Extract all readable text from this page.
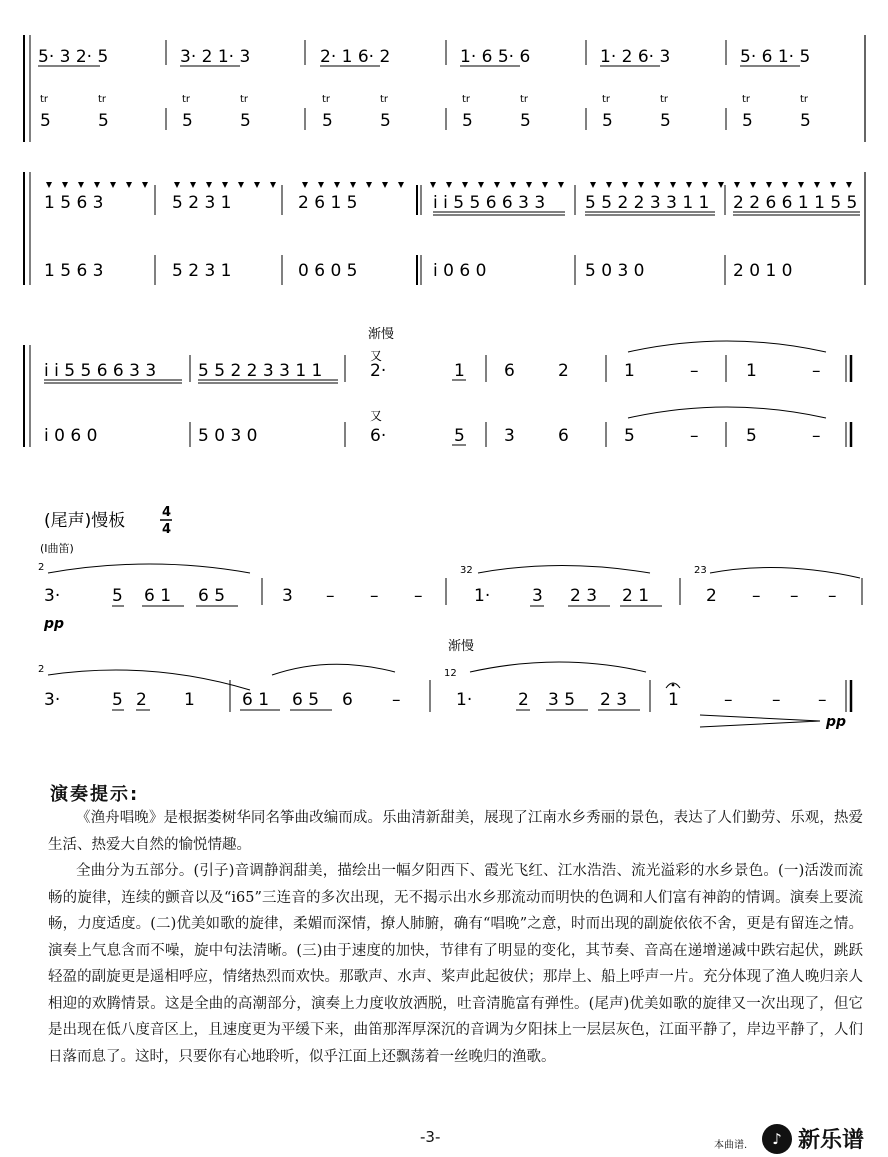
5· 3 2· 5	3· 2 1· 3	2· 1 6· 2	1· 6 5· 6	1· 2 6· 3	5· 6 1· 5
tr	tr	tr	tr	tr	tr	tr	tr	tr	tr	tr	tr
5	5	5	5	5	5	5	5	5	5	5	5
1 5 6 3	5 2 3 1	2 6 1 5	i i 5 5 6 6 3 3 5 5 2 2 3 3 1 1 2 2 6 6 1 1 5 5
1 5 6 3	5 2 3 1	0 6 0 5	i 0 6 0	5 0 3 0	2 0 1 0
渐慢
又
又
i i 5 5 6 6 3 3 5 5 2 2 3 3 1 1	2·	1 6	2	1	–	1	–
i 0 6 0	5 0 3 0	6·	5 3	6	5	–	5	–
(尾声)慢板	4
4
(Ⅰ曲笛)
2	32	23
3·	5 6 1 6 5	3 – – –	1· 3 2 3 2 1	2 – – –
pp
渐慢
2	12
3·	5 2 1	6 1 6 5 6 –	1·	2 3 5 2 3 1	– – –
pp
演奏提示:
《渔舟唱晚》是根据娄树华同名筝曲改编而成。乐曲清新甜美，展现了江南水乡秀丽的景色，表达了人们勤劳、乐观，热爱生活、热爱大自然的愉悦情趣。
全曲分为五部分。(引子)音调静润甜美，描绘出一幅夕阳西下、霞光飞红、江水浩浩、流光溢彩的水乡景色。(一)活泼而流畅的旋律，连续的颤音以及“i65”三连音的多次出现，无不揭示出水乡那流动而明快的色调和人们富有神韵的情调。演奏上要流畅，力度适度。(二)优美如歌的旋律，柔媚而深情，撩人肺腑，确有“唱晚”之意，时而出现的副旋依依不舍，更是有留连之情。演奏上气息含而不噪，旋中句法清晰。(三)由于速度的加快，节律有了明显的变化，其节奏、音高在递增递减中跌宕起伏，跳跃轻盈的副旋更是遥相呼应，情绪热烈而欢快。那歌声、水声、桨声此起彼伏；那岸上、船上呼声一片。充分体现了渔人晚归亲人相迎的欢腾情景。这是全曲的高潮部分，演奏上力度收放洒脱，吐音清脆富有弹性。(尾声)优美如歌的旋律又一次出现了，但它是出现在低八度音区上，且速度更为平缓下来，曲笛那浑厚深沉的音调为夕阳抹上一层层灰色，江面平静了，岸边平静了，人们日落而息了。这时，只要你有心地聆听，似乎江面上还飘荡着一丝晚归的渔歌。
-3-	本曲谱. ♪ 新乐谱
